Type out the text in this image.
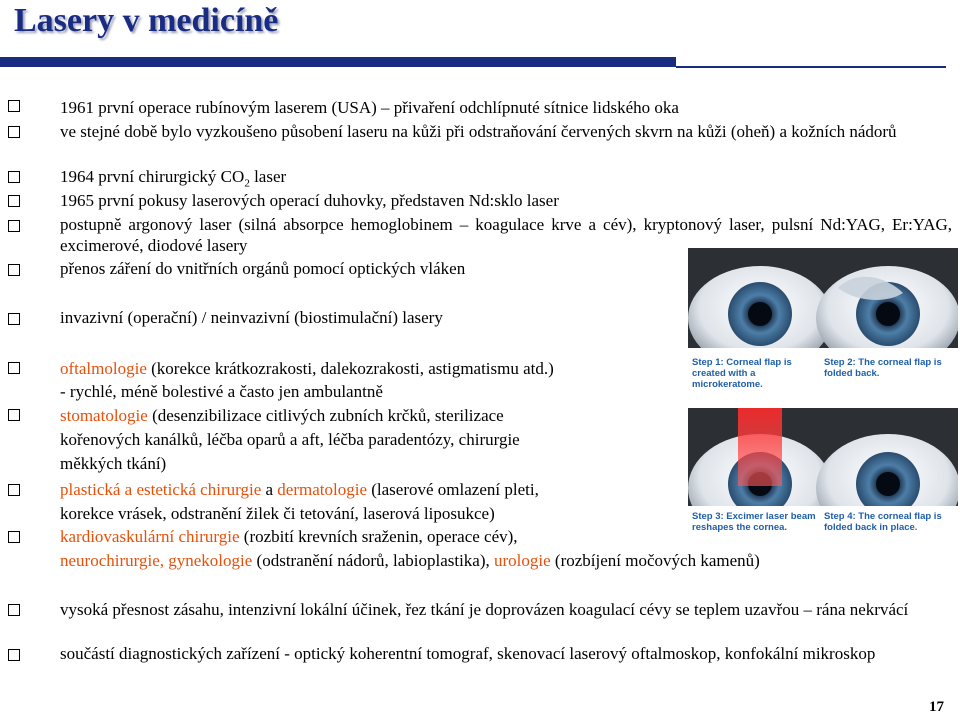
Lasery v medicíně
1961 první operace rubínovým laserem (USA) – přivaření odchlípnuté sítnice lidského oka
ve stejné době bylo vyzkoušeno působení laseru na kůži při odstraňování červených skvrn na kůži (oheň) a kožních nádorů
1964 první chirurgický $CO_2$ laser
1965 první pokusy laserových operací duhovky, představen Nd:sklo laser
postupně argonový laser (silná absorpce hemoglobinem – koagulace krve a cév), kryptonový laser, pulsní Nd:YAG, Er:YAG, excimerové, diodové lasery
přenos záření do vnitřních orgánů pomocí optických vláken
invazivní (operační) / neinvazivní (biostimulační) lasery
oftalmologie (korekce krátkozrakosti, dalekozrakosti, astigmatismu atd.)
- rychlé, méně bolestivé a často jen ambulantně
stomatologie (desenzibilizace citlivých zubních krčků, sterilizace
kořenových kanálků, léčba oparů a aft, léčba paradentózy, chirurgie
měkkých tkání)
plastická a estetická chirurgie a dermatologie (laserové omlazení pleti,
korekce vrásek, odstranění žilek či tetování, laserová liposukce)
kardiovaskulární chirurgie (rozbití krevních sraženin, operace cév),
neurochirurgie, gynekologie (odstranění nádorů, labioplastika), urologie (rozbíjení močových kamenů)
vysoká přesnost zásahu, intenzivní lokální účinek, řez tkání je doprovázen koagulací cévy se teplem uzavřou – rána nekrvácí
součástí diagnostických zařízení - optický koherentní tomograf, skenovací laserový oftalmoskop, konfokální mikroskop
Step 1: Corneal flap is created with a microkeratome.
Step 2: The corneal flap is folded back.
Step 3: Excimer laser beam reshapes the cornea.
Step 4: The corneal flap is folded back in place.
17
